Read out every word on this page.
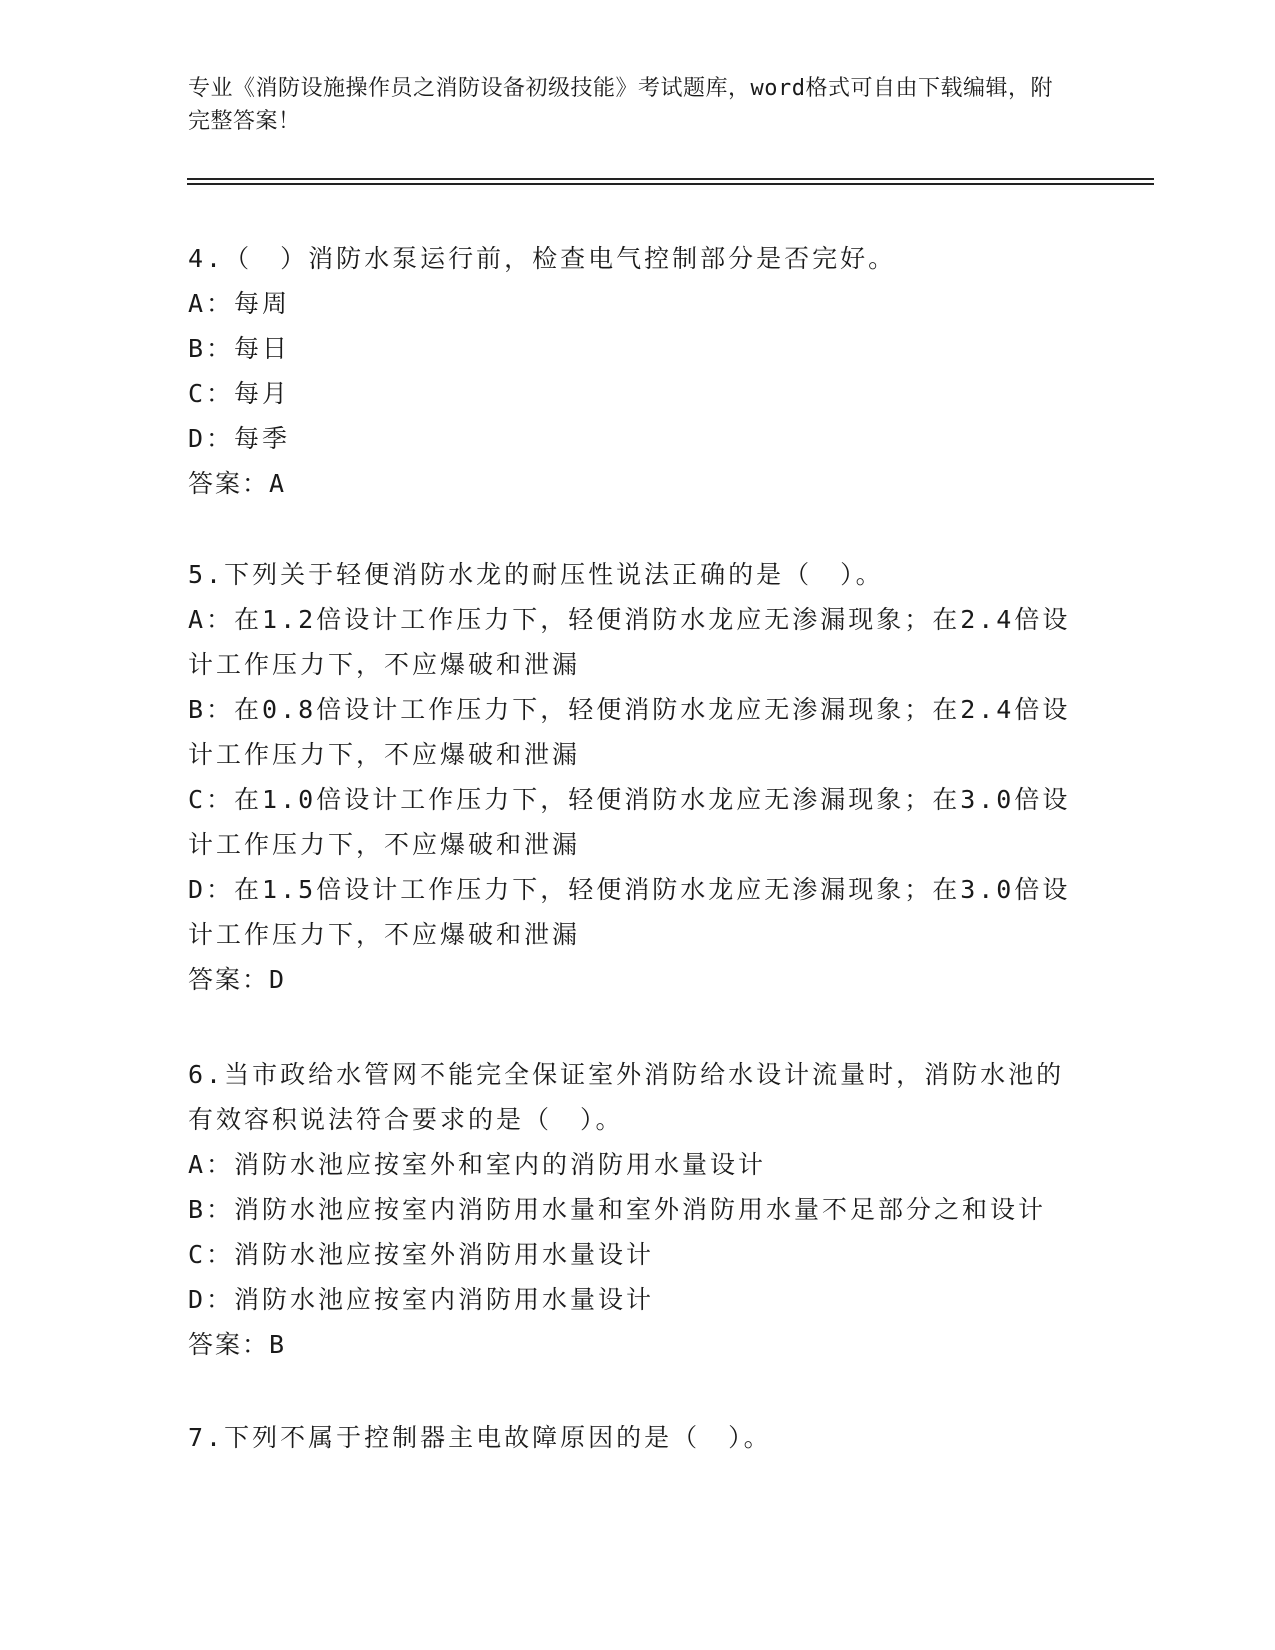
专业《消防设施操作员之消防设备初级技能》考试题库，word格式可自由下载编辑，附完整答案！
4.（　）消防水泵运行前，检查电气控制部分是否完好。
A：每周
B：每日
C：每月
D：每季
答案：A
5.下列关于轻便消防水龙的耐压性说法正确的是（　）。
A：在1.2倍设计工作压力下，轻便消防水龙应无渗漏现象；在2.4倍设计工作压力下，不应爆破和泄漏
B：在0.8倍设计工作压力下，轻便消防水龙应无渗漏现象；在2.4倍设计工作压力下，不应爆破和泄漏
C：在1.0倍设计工作压力下，轻便消防水龙应无渗漏现象；在3.0倍设计工作压力下，不应爆破和泄漏
D：在1.5倍设计工作压力下，轻便消防水龙应无渗漏现象；在3.0倍设计工作压力下，不应爆破和泄漏
答案：D
6.当市政给水管网不能完全保证室外消防给水设计流量时，消防水池的有效容积说法符合要求的是（　）。
A：消防水池应按室外和室内的消防用水量设计
B：消防水池应按室内消防用水量和室外消防用水量不足部分之和设计
C：消防水池应按室外消防用水量设计
D：消防水池应按室内消防用水量设计
答案：B
7.下列不属于控制器主电故障原因的是（　）。
